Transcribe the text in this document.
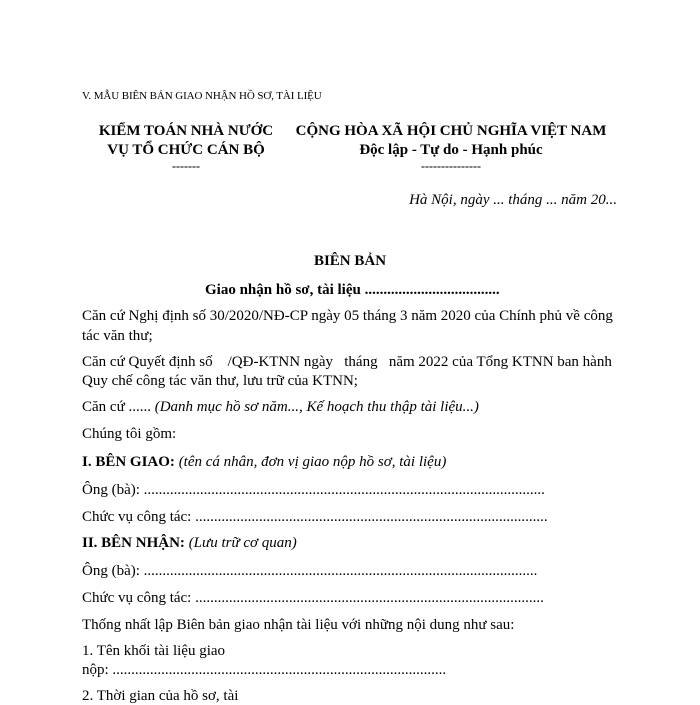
V. MẪU BIÊN BẢN GIAO NHẬN HỒ SƠ, TÀI LIỆU
KIỂM TOÁN NHÀ NƯỚC
VỤ TỔ CHỨC CÁN BỘ
-------
CỘNG HÒA XÃ HỘI CHỦ NGHĨA VIỆT NAM
Độc lập - Tự do - Hạnh phúc
---------------
Hà Nội, ngày ... tháng ... năm 20...
BIÊN BẢN
Giao nhận hồ sơ, tài liệu ....................................
Căn cứ Nghị định số 30/2020/NĐ-CP ngày 05 tháng 3 năm 2020 của Chính phủ về công
tác văn thư;
Căn cứ Quyết định số    /QĐ-KTNN ngày   tháng   năm 2022 của Tổng KTNN ban hành
Quy chế công tác văn thư, lưu trữ của KTNN;
Căn cứ ...... (Danh mục hồ sơ năm..., Kế hoạch thu thập tài liệu...)
Chúng tôi gồm:
I. BÊN GIAO: (tên cá nhân, đơn vị giao nộp hồ sơ, tài liệu)
Ông (bà): ...........................................................................................................
Chức vụ công tác: ..............................................................................................
II. BÊN NHẬN: (Lưu trữ cơ quan)
Ông (bà): .........................................................................................................
Chức vụ công tác: .............................................................................................
Thống nhất lập Biên bản giao nhận tài liệu với những nội dung như sau:
1. Tên khối tài liệu giao
nộp: .........................................................................................
2. Thời gian của hồ sơ, tài
